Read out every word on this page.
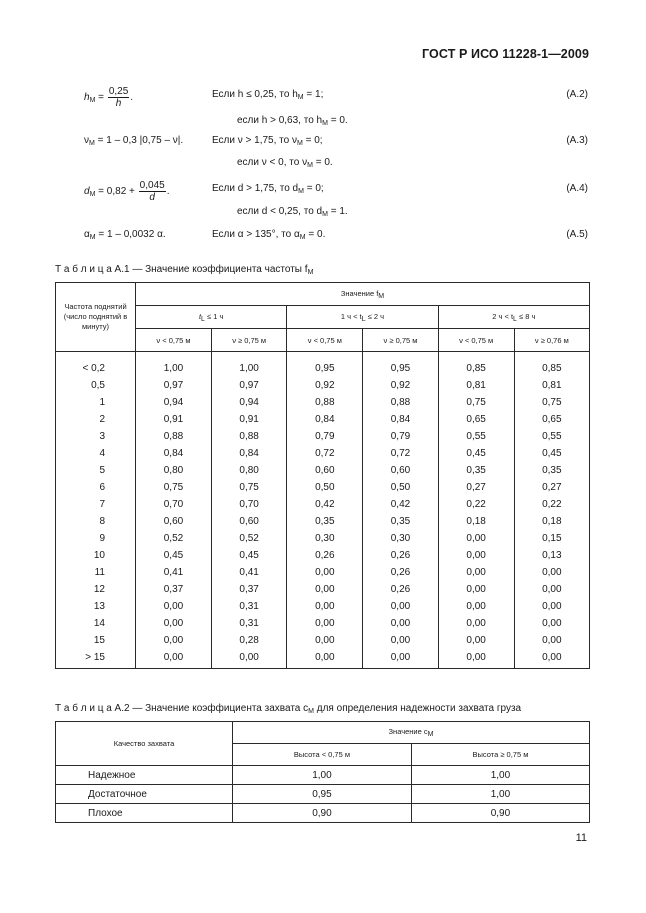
ГОСТ Р ИСО 11228-1—2009
$h_M = \frac{0,25}{h}$ .	Если h ≤ 0,25, то $h_M = 1$;	(A.2)
если h > 0,63, то $h_M = 0$.
$\nu_M = 1 - 0,3$ |0,75 – ν|.	Если ν > 1,75, то $\nu_M = 0$;	(A.3)
если ν < 0, то $\nu_M = 0$.
$d_M = 0,82 + \frac{0,045}{d}$ .	Если d > 1,75, то $d_M = 0$;	(A.4)
если d < 0,25, то $d_M = 1$.
$\alpha_M = 1 - 0,0032$ α.	Если α > 135°, то $\alpha_M = 0$.	(A.5)
Т а б л и ц а А.1 — Значение коэффициента частоты $f_M$
Частота поднятий (число поднятий в минуту)	Значение fM					
	tL ≤ 1 ч		1 ч < tL ≤ 2 ч		2 ч < tL ≤ 8 ч	
	ν < 0,75 м	ν ≥ 0,75 м	ν < 0,75 м	ν ≥ 0,75 м	ν < 0,75 м	ν ≥ 0,76 м
< 0,2	1,00	1,00	0,95	0,95	0,85	0,85
0,5	0,97	0,97	0,92	0,92	0,81	0,81
1	0,94	0,94	0,88	0,88	0,75	0,75
2	0,91	0,91	0,84	0,84	0,65	0,65
3	0,88	0,88	0,79	0,79	0,55	0,55
4	0,84	0,84	0,72	0,72	0,45	0,45
5	0,80	0,80	0,60	0,60	0,35	0,35
6	0,75	0,75	0,50	0,50	0,27	0,27
7	0,70	0,70	0,42	0,42	0,22	0,22
8	0,60	0,60	0,35	0,35	0,18	0,18
9	0,52	0,52	0,30	0,30	0,00	0,15
10	0,45	0,45	0,26	0,26	0,00	0,13
11	0,41	0,41	0,00	0,26	0,00	0,00
12	0,37	0,37	0,00	0,26	0,00	0,00
13	0,00	0,31	0,00	0,00	0,00	0,00
14	0,00	0,31	0,00	0,00	0,00	0,00
15	0,00	0,28	0,00	0,00	0,00	0,00
> 15	0,00	0,00	0,00	0,00	0,00	0,00
Т а б л и ц а А.2 — Значение коэффициента захвата $c_M$ для определения надежности захвата груза
Качество захвата	Значение cM	
	Высота < 0,75 м	Высота ≥ 0,75 м
Надежное	1,00	1,00
Достаточное	0,95	1,00
Плохое	0,90	0,90
11
